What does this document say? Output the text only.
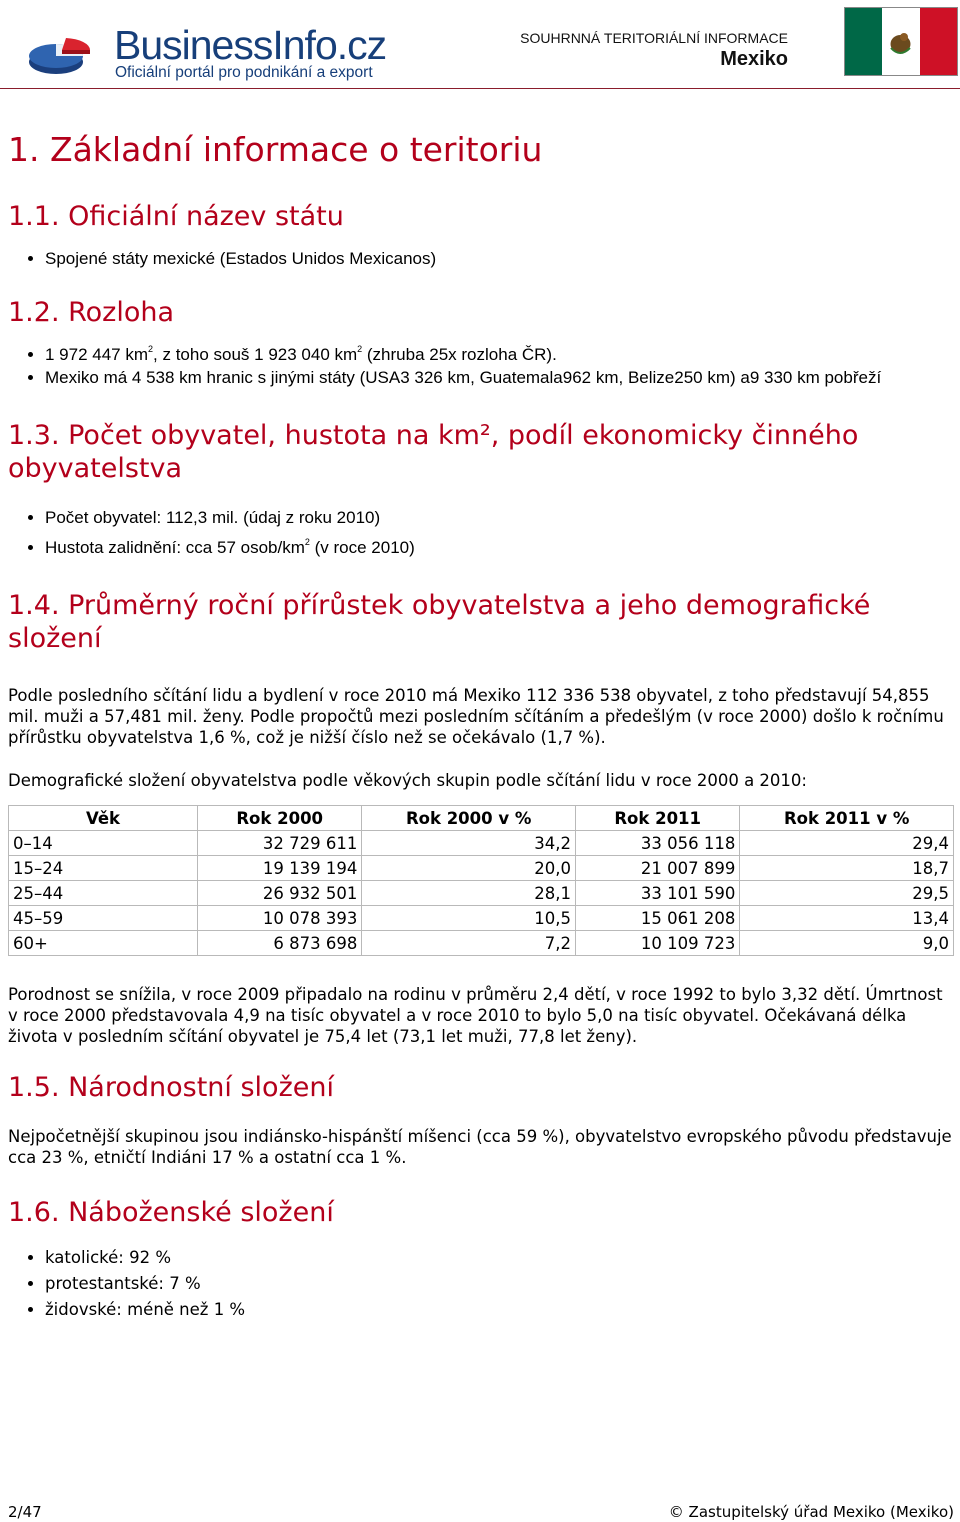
BusinessInfo.cz
Oficiální portál pro podnikání a export
SOUHRNNÁ TERITORIÁLNÍ INFORMACE
Mexiko
1. Základní informace o teritoriu
1.1. Oficiální název státu
• Spojené státy mexické (Estados Unidos Mexicanos)
1.2. Rozloha
• 1 972 447 $km^2$, z toho souš 1 923 040 $km^2$ (zhruba 25x rozloha ČR).
• Mexiko má 4 538 km hranic s jinými státy (USA3 326 km, Guatemala962 km, Belize250 km) a9 330 km pobřeží
1.3. Počet obyvatel, hustota na km², podíl ekonomicky činného obyvatelstva
• Počet obyvatel: 112,3 mil. (údaj z roku 2010)
• Hustota zalidnění: cca 57 osob/$km^2$ (v roce 2010)
1.4. Průměrný roční přírůstek obyvatelstva a jeho demografické složení

Podle posledního sčítání lidu a bydlení v roce 2010 má Mexiko 112 336 538 obyvatel, z toho představují 54,855 mil. muži a 57,481 mil. ženy. Podle propočtů mezi posledním sčítáním a předešlým (v roce 2000) došlo k ročnímu přírůstku obyvatelstva 1,6 %, což je nižší číslo než se očekávalo (1,7 %).

Demografické složení obyvatelstva podle věkových skupin podle sčítání lidu v roce 2000 a 2010:

Věk	Rok 2000	Rok 2000 v %	Rok 2011	Rok 2011 v %
0–14	32 729 611	34,2	33 056 118	29,4
15–24	19 139 194	20,0	21 007 899	18,7
25–44	26 932 501	28,1	33 101 590	29,5
45–59	10 078 393	10,5	15 061 208	13,4
60+	6 873 698	7,2	10 109 723	9,0

Porodnost se snížila, v roce 2009 připadalo na rodinu v průměru 2,4 dětí, v roce 1992 to bylo 3,32 dětí. Úmrtnost v roce 2000 představovala 4,9 na tisíc obyvatel a v roce 2010 to bylo 5,0 na tisíc obyvatel. Očekávaná délka života v posledním sčítání obyvatel je 75,4 let (73,1 let muži, 77,8 let ženy).

1.5. Národnostní složení

Nejpočetnější skupinou jsou indiánsko-hispánští míšenci (cca 59 %), obyvatelstvo evropského původu představuje cca 23 %, etničtí Indiáni 17 % a ostatní cca 1 %.

1.6. Náboženské složení
• katolické: 92 %
• protestantské: 7 %
• židovské: méně než 1 %
2/47	© Zastupitelský úřad Mexiko (Mexiko)
